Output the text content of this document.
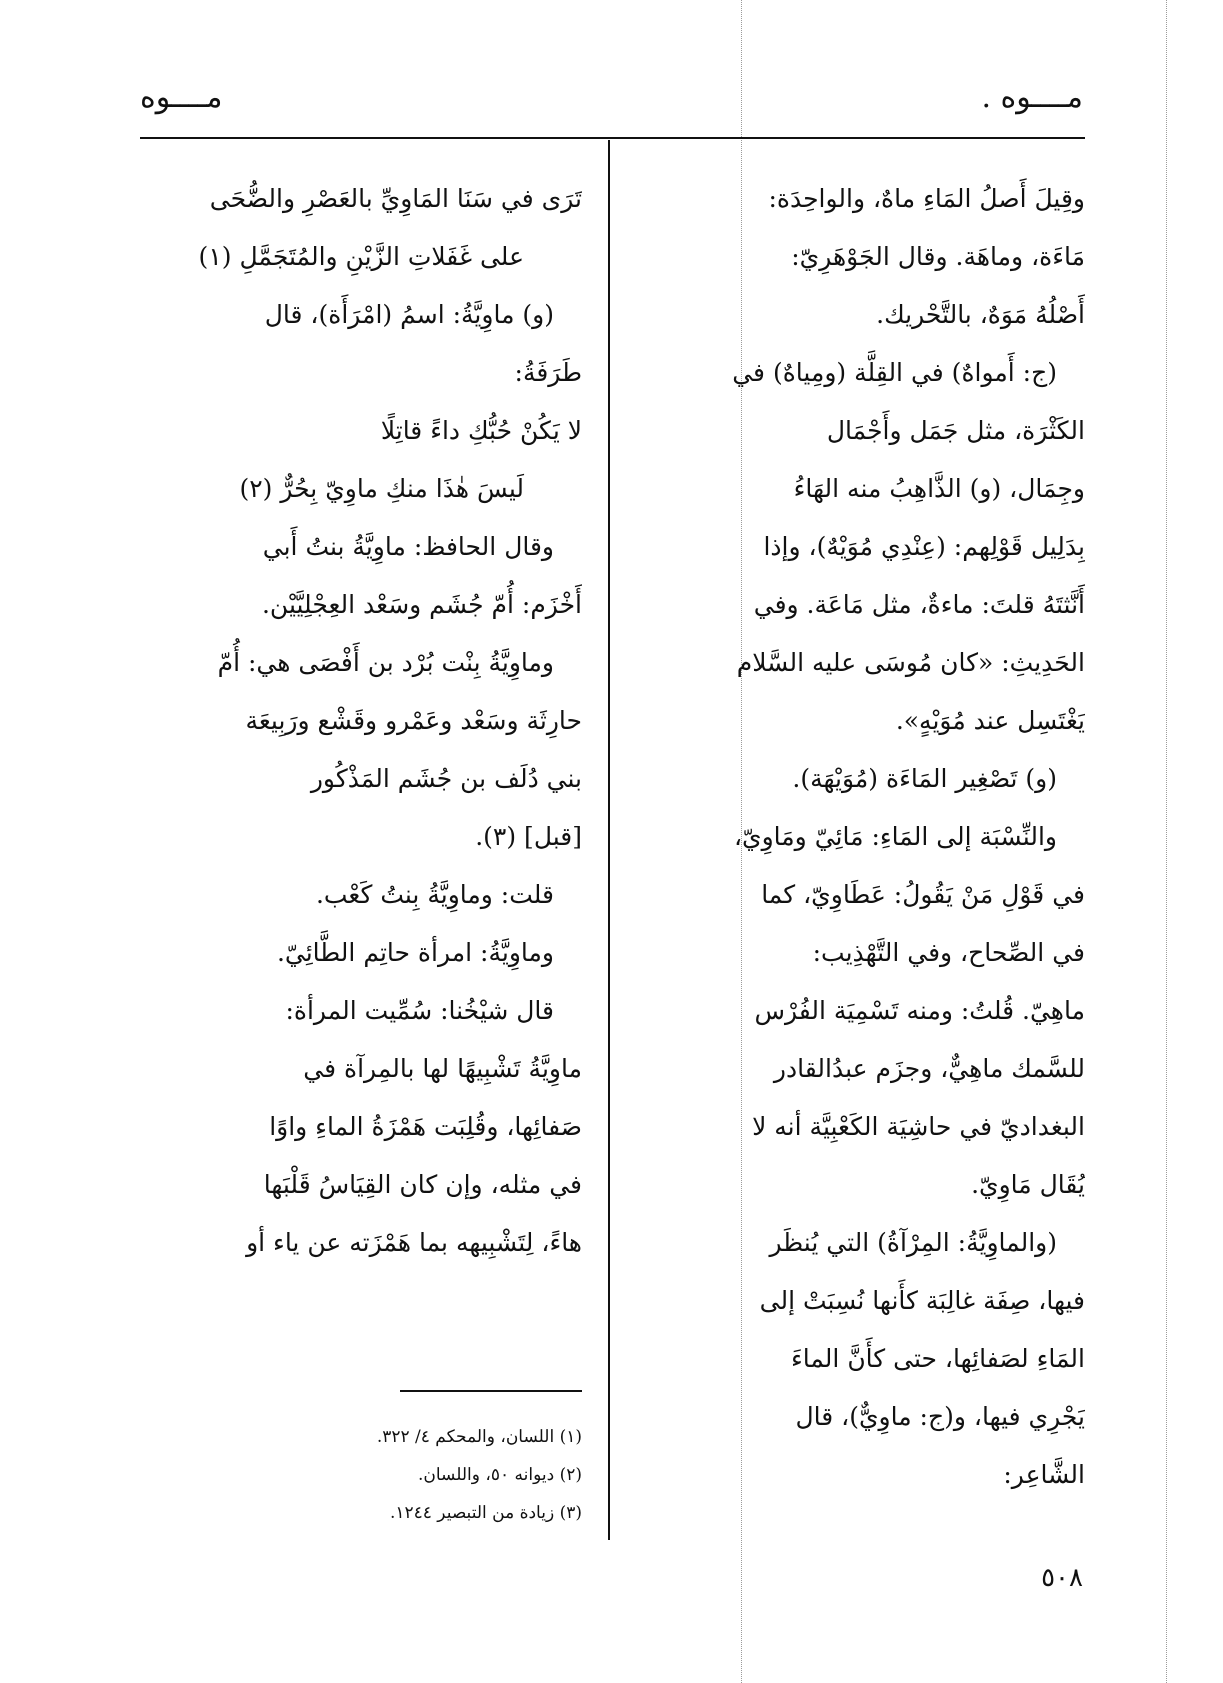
مــــوه .
مــــوه
وقِيلَ أَصلُ المَاءِ ماهٌ، والواحِدَة:
مَاءَة، وماهَة. وقال الجَوْهَرِيّ:
أَصْلُهُ مَوَهٌ، بالتَّحْريك.
(ج: أَمواهٌ) في القِلَّة (ومِياهٌ) في
الكَثْرَة، مثل جَمَل وأَجْمَال
وجِمَال، (و) الذَّاهِبُ منه الهَاءُ
بِدَلِيل قَوْلِهم: (عِنْدِي مُوَيْهٌ)، وإذا
أَنَّثتَهُ قلتَ: ماءةٌ، مثل مَاعَة. وفي
الحَدِيثِ: «كان مُوسَى عليه السَّلام
يَغْتَسِل عند مُوَيْهٍ».
(و) تَصْغِير المَاءَة (مُوَيْهَة).
والنِّسْبَة إلى المَاءِ: مَائِيّ ومَاوِيّ،
في قَوْلِ مَنْ يَقُولُ: عَطَاوِيّ، كما
في الصِّحاح، وفي التَّهْذِيب:
ماهِيّ. قُلتُ: ومنه تَسْمِيَة الفُرْس
للسَّمك ماهِيٌّ، وجزَم عبدُالقادر
البغداديّ في حاشِيَة الكَعْبِيَّة أنه لا
يُقَال مَاوِيّ.
(والماوِيَّةُ: المِرْآةُ) التي يُنظَر
فيها، صِفَة غالِبَة كأَنها نُسِبَتْ إلى
المَاءِ لصَفائِها، حتى كأَنَّ الماءَ
يَجْرِي فيها، و(ج: ماوِيٌّ)، قال
الشَّاعِر:
تَرَى في سَنَا المَاوِيِّ بالعَصْرِ والضُّحَى
على غَفَلاتِ الزَّيْنِ والمُتَجَمَّلِ (١)
(و) ماوِيَّةُ: اسمُ (امْرَأَة)، قال
طَرَفَةُ:
لا يَكُنْ حُبُّكِ داءً قاتِلًا
لَيسَ هٰذَا منكِ ماوِيّ بِحُرٌّ (٢)
وقال الحافظ: ماوِيَّةُ بنتُ أَبي
أَخْزَم: أُمّ جُشَم وسَعْد العِجْلِيَّيْن.
وماوِيَّةُ بِنْت بُرْد بن أَفْصَى هي: أُمّ
حارِثَة وسَعْد وعَمْرو وقَشْع ورَبِيعَة
بني دُلَف بن جُشَم المَذْكُور
[قبل] (٣).
قلت: وماوِيَّةُ بِنتُ كَعْب.
وماوِيَّةُ: امرأة حاتِم الطَّائِيّ.
قال شيْخُنا: سُمِّيت المرأة:
ماوِيَّةُ تَشْبِيهًا لها بالمِرآة في
صَفائِها، وقُلِبَت هَمْزَةُ الماءِ واوًا
في مثله، وإن كان القِيَاسُ قَلْبَها
هاءً، لِتَشْبِيهه بما هَمْزَته عن ياء أو
(١) اللسان، والمحكم ٤/ ٣٢٢.
(٢) ديوانه ٥٠، واللسان.
(٣) زيادة من التبصير ١٢٤٤.
٥٠٨
